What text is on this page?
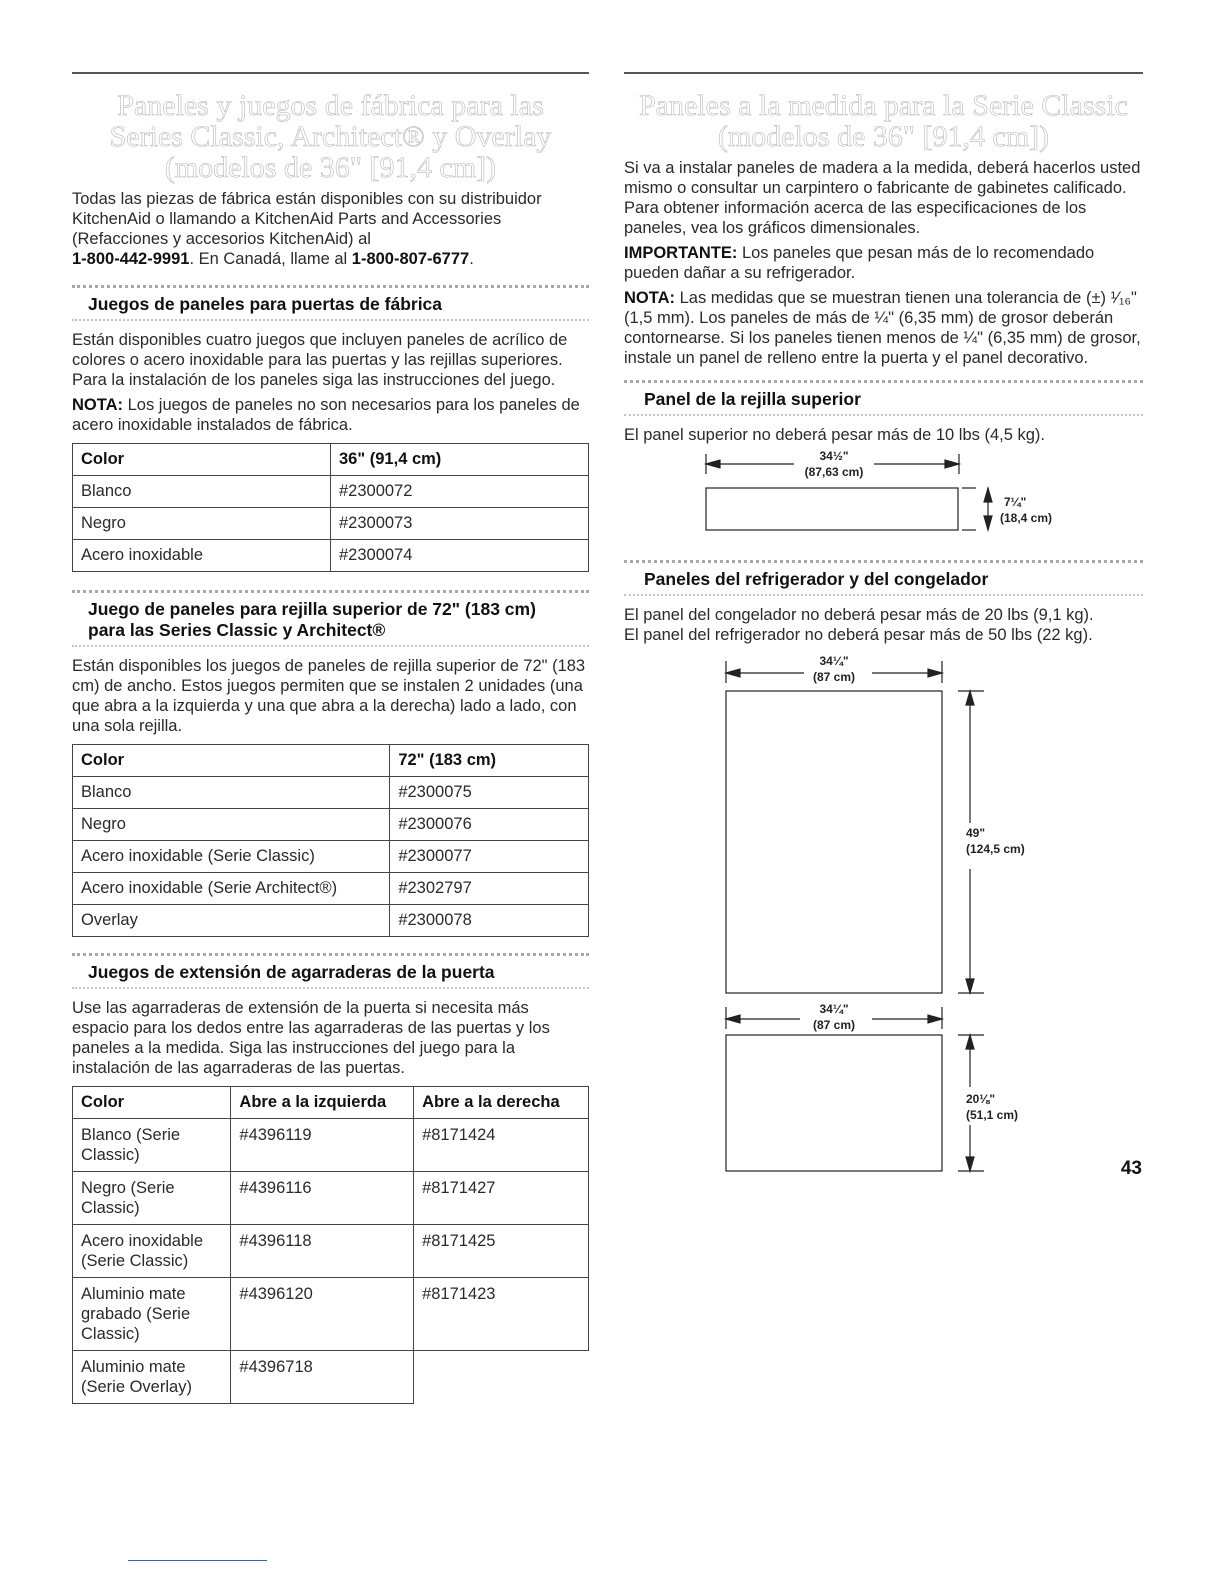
Paneles y juegos de fábrica para las
Series Classic, Architect® y Overlay
(modelos de 36" [91,4 cm])

Todas las piezas de fábrica están disponibles con su distribuidor KitchenAid o llamando a KitchenAid Parts and Accessories (Refacciones y accesorios KitchenAid) al
1-800-442-9991. En Canadá, llame al 1-800-807-6777.

Juegos de paneles para puertas de fábrica

Están disponibles cuatro juegos que incluyen paneles de acrílico de colores o acero inoxidable para las puertas y las rejillas superiores. Para la instalación de los paneles siga las instrucciones del juego.

NOTA: Los juegos de paneles no son necesarios para los paneles de acero inoxidable instalados de fábrica.

Color	36" (91,4 cm)
Blanco	#2300072
Negro	#2300073
Acero inoxidable	#2300074
Juego de paneles para rejilla superior de 72" (183 cm)
para las Series Classic y Architect®

Están disponibles los juegos de paneles de rejilla superior de 72" (183 cm) de ancho. Estos juegos permiten que se instalen 2 unidades (una que abra a la izquierda y una que abra a la derecha) lado a lado, con una sola rejilla.

Color	72" (183 cm)
Blanco	#2300075
Negro	#2300076
Acero inoxidable (Serie Classic)	#2300077
Acero inoxidable (Serie Architect®)	#2302797
Overlay	#2300078
Juegos de extensión de agarraderas de la puerta

Use las agarraderas de extensión de la puerta si necesita más espacio para los dedos entre las agarraderas de las puertas y los paneles a la medida. Siga las instrucciones del juego para la instalación de las agarraderas de las puertas.

Color	Abre a la izquierda	Abre a la derecha
Blanco (Serie Classic)	#4396119	#8171424
Negro (Serie Classic)	#4396116	#8171427
Acero inoxidable (Serie Classic)	#4396118	#8171425
Aluminio mate grabado (Serie Classic)	#4396120	#8171423
Aluminio mate (Serie Overlay)	#4396718	
Paneles a la medida para la Serie Classic
(modelos de 36" [91,4 cm])

Si va a instalar paneles de madera a la medida, deberá hacerlos usted mismo o consultar un carpintero o fabricante de gabinetes calificado. Para obtener información acerca de las especificaciones de los paneles, vea los gráficos dimensionales.

IMPORTANTE: Los paneles que pesan más de lo recomendado pueden dañar a su refrigerador.

NOTA: Las medidas que se muestran tienen una tolerancia de (±) ¹⁄₁₆" (1,5 mm). Los paneles de más de ¼" (6,35 mm) de grosor deberán contornearse. Si los paneles tienen menos de ¼" (6,35 mm) de grosor, instale un panel de relleno entre la puerta y el panel decorativo.

Panel de la rejilla superior

El panel superior no deberá pesar más de 10 lbs (4,5 kg).

34½"
(87,63 cm)
7¼"
(18,4 cm)
Paneles del refrigerador y del congelador

El panel del congelador no deberá pesar más de 20 lbs (9,1 kg).

El panel del refrigerador no deberá pesar más de 50 lbs (22 kg).

34¼"
(87 cm)
49"
(124,5 cm)
34¼"
(87 cm)
20⅛"
(51,1 cm)
43
